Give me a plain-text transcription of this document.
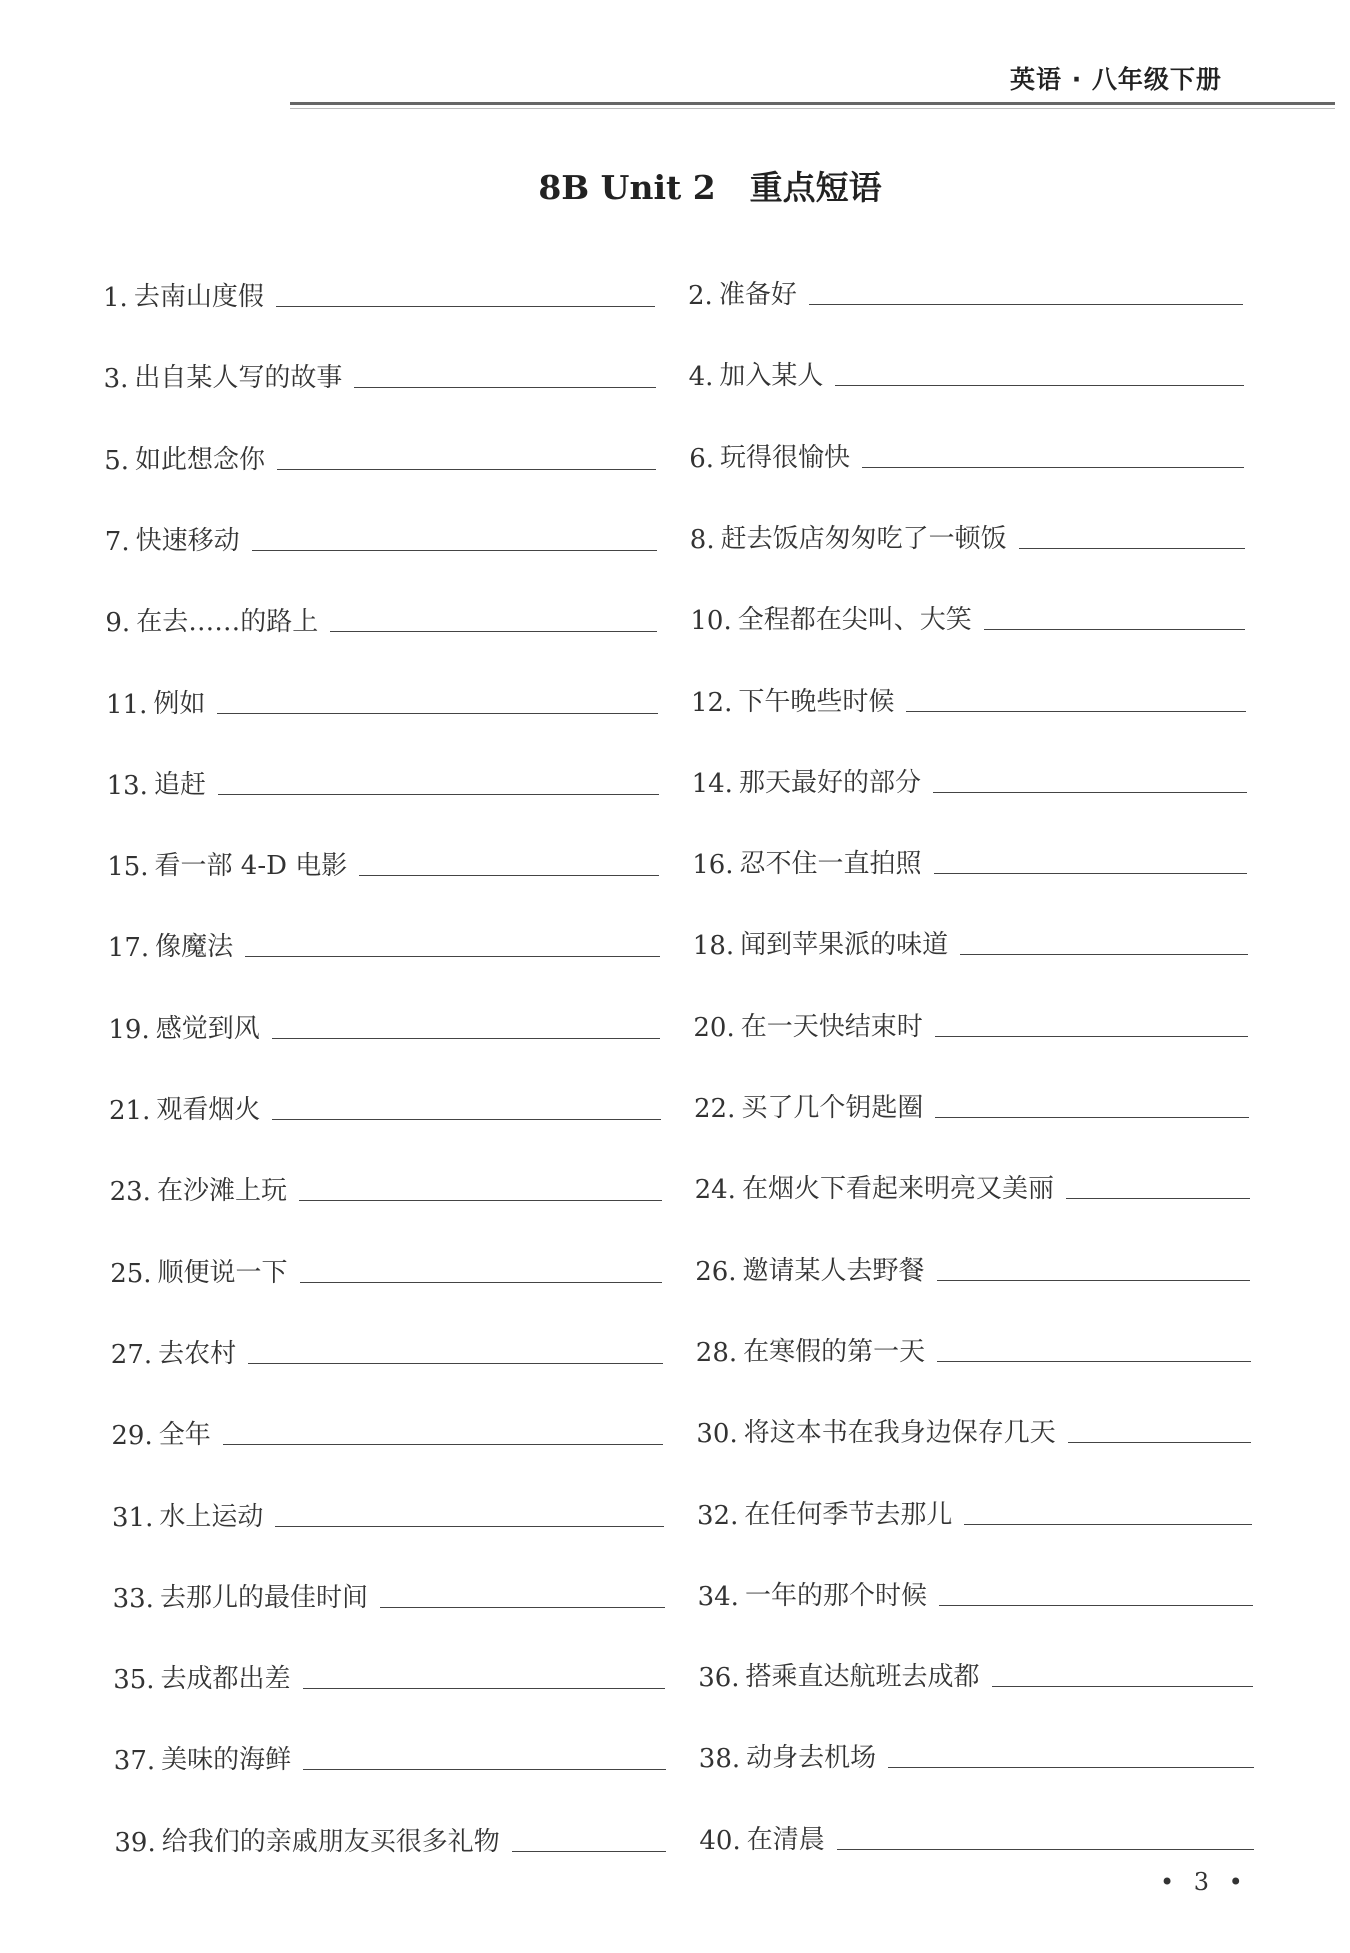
英语 · 八年级下册
8B Unit 2 重点短语
1. 去南山度假	2. 准备好
3. 出自某人写的故事	4. 加入某人
5. 如此想念你	6. 玩得很愉快
7. 快速移动	8. 赶去饭店匆匆吃了一顿饭
9. 在去……的路上	10. 全程都在尖叫、大笑
11. 例如	12. 下午晚些时候
13. 追赶	14. 那天最好的部分
15. 看一部 4-D 电影	16. 忍不住一直拍照
17. 像魔法	18. 闻到苹果派的味道
19. 感觉到风	20. 在一天快结束时
21. 观看烟火	22. 买了几个钥匙圈
23. 在沙滩上玩	24. 在烟火下看起来明亮又美丽
25. 顺便说一下	26. 邀请某人去野餐
27. 去农村	28. 在寒假的第一天
29. 全年	30. 将这本书在我身边保存几天
31. 水上运动	32. 在任何季节去那儿
33. 去那儿的最佳时间	34. 一年的那个时候
35. 去成都出差	36. 搭乘直达航班去成都
37. 美味的海鲜	38. 动身去机场
39. 给我们的亲戚朋友买很多礼物	40. 在清晨
• 3 •
